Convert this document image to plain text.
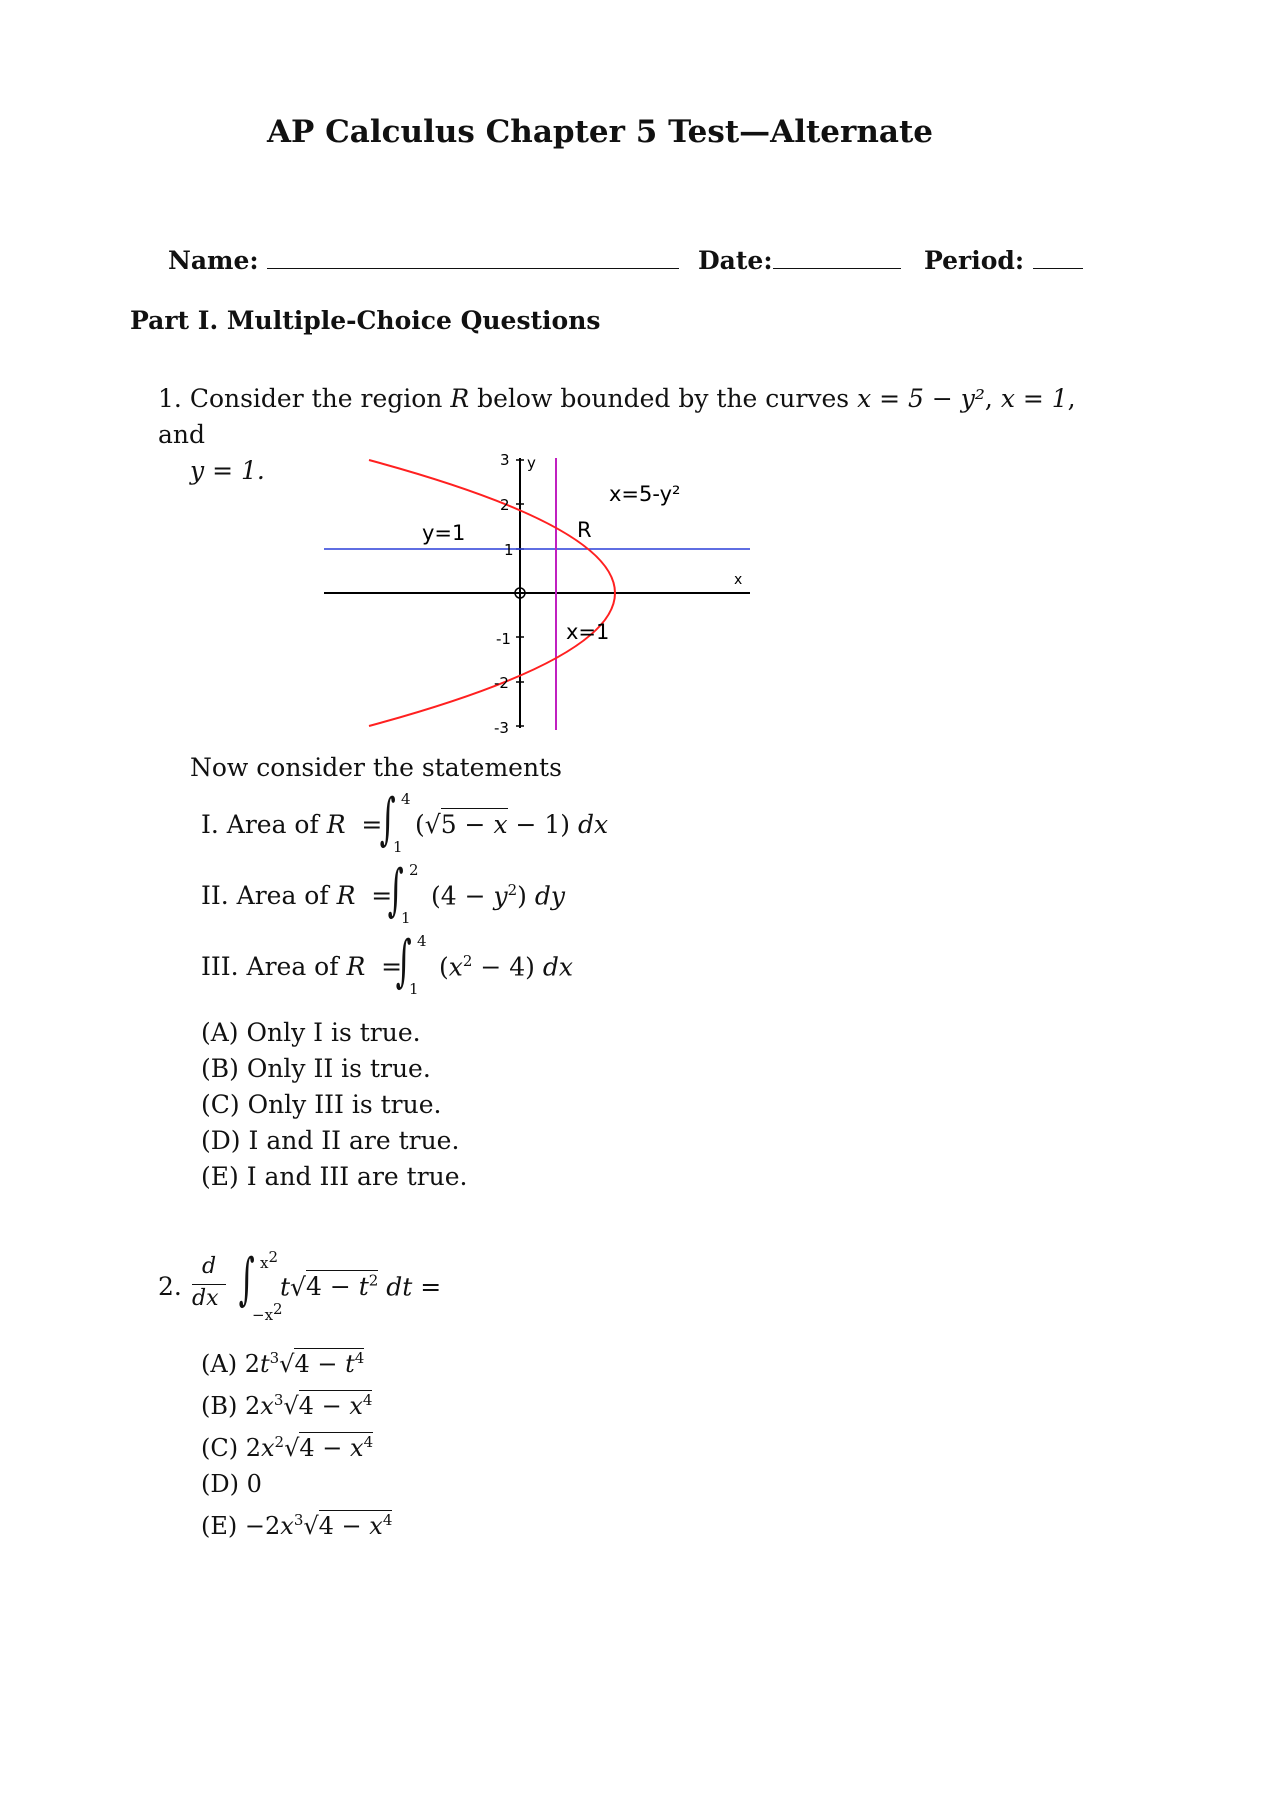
AP Calculus Chapter 5 Test—Alternate
Name:	Date:	Period:
Part I. Multiple-Choice Questions
1. Consider the region R below bounded by the curves x = 5 − y², x = 1, and
y = 1.	3
2
1
-1
-2
-3
y
x
x=5-y²
y=1
x=1
R
Now consider the statements
I. Area of R  =
∫ 4
1
(√5 − x − 1) dx
II. Area of R  =
∫ 2
1
$(4 - y^2)$ dy
III. Area of R  =
∫ 4
1
$(x^2 - 4)$ dx
(A) Only I is true.
(B) Only II is true.
(C) Only III is true.
(D) I and II are true.
(E) I and III are true.
2.
d
dx ∫ $x^2$
$-x^2$
$t√4 - t^2$ dt =
(A) $2t^3√4 - t^4$
(B) $2x^3√4 - x^4$
(C) $2x^2√4 - x^4$
(D) 0
$(E) -2x^3√4 - x^4$
